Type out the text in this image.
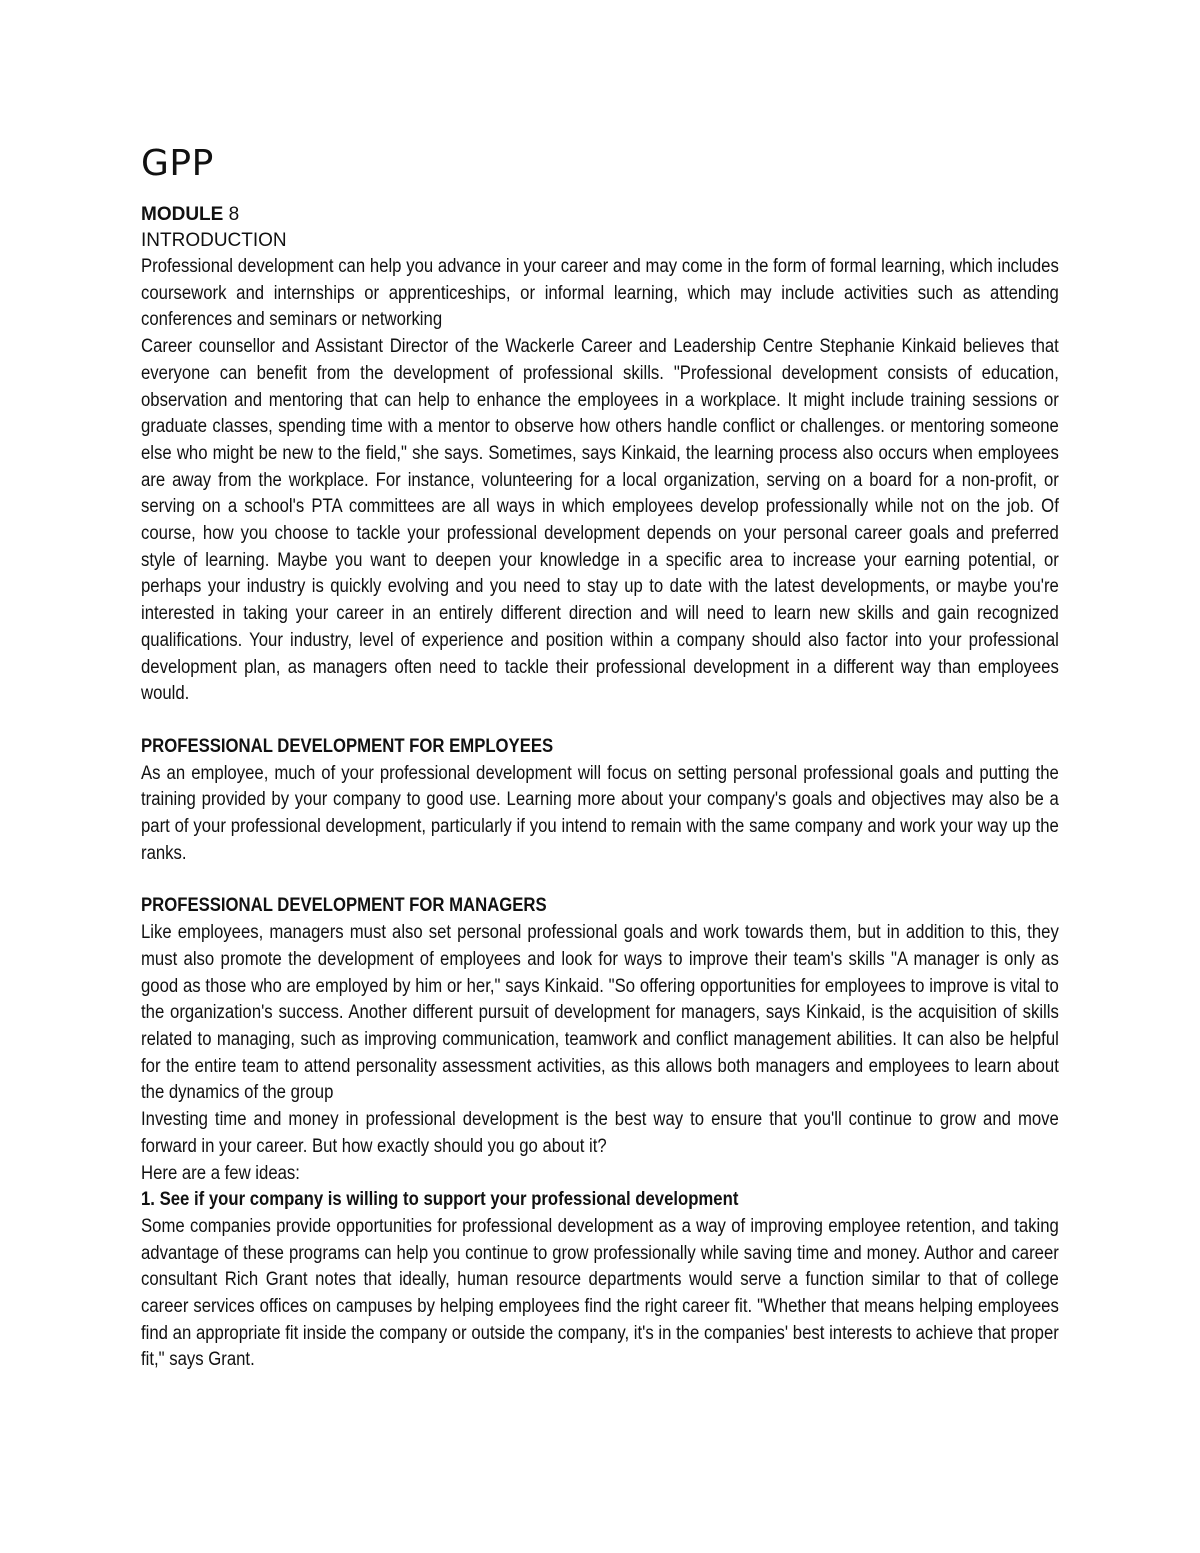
GPP

MODULE 8

INTRODUCTION

Professional development can help you advance in your career and may come in the form of formal learning, which includes coursework and internships or apprenticeships, or informal learning, which may include activities such as attending conferences and seminars or networking

Career counsellor and Assistant Director of the Wackerle Career and Leadership Centre Stephanie Kinkaid believes that everyone can benefit from the development of professional skills. "Professional development consists of education, observation and mentoring that can help to enhance the employees in a workplace. It might include training sessions or graduate classes, spending time with a mentor to observe how others handle conflict or challenges. or mentoring someone else who might be new to the field," she says. Sometimes, says Kinkaid, the learning process also occurs when employees are away from the workplace. For instance, volunteering for a local organization, serving on a board for a non-profit, or serving on a school's PTA committees are all ways in which employees develop professionally while not on the job. Of course, how you choose to tackle your professional development depends on your personal career goals and preferred style of learning. Maybe you want to deepen your knowledge in a specific area to increase your earning potential, or perhaps your industry is quickly evolving and you need to stay up to date with the latest developments, or maybe you're interested in taking your career in an entirely different direction and will need to learn new skills and gain recognized qualifications. Your industry, level of experience and position within a company should also factor into your professional development plan, as managers often need to tackle their professional development in a different way than employees would.

PROFESSIONAL DEVELOPMENT FOR EMPLOYEES

As an employee, much of your professional development will focus on setting personal professional goals and putting the training provided by your company to good use. Learning more about your company's goals and objectives may also be a part of your professional development, particularly if you intend to remain with the same company and work your way up the ranks.

PROFESSIONAL DEVELOPMENT FOR MANAGERS

Like employees, managers must also set personal professional goals and work towards them, but in addition to this, they must also promote the development of employees and look for ways to improve their team's skills "A manager is only as good as those who are employed by him or her," says Kinkaid. "So offering opportunities for employees to improve is vital to the organization's success. Another different pursuit of development for managers, says Kinkaid, is the acquisition of skills related to managing, such as improving communication, teamwork and conflict management abilities. It can also be helpful for the entire team to attend personality assessment activities, as this allows both managers and employees to learn about the dynamics of the group

Investing time and money in professional development is the best way to ensure that you'll continue to grow and move forward in your career. But how exactly should you go about it?

Here are a few ideas:

1. See if your company is willing to support your professional development

Some companies provide opportunities for professional development as a way of improving employee retention, and taking advantage of these programs can help you continue to grow professionally while saving time and money. Author and career consultant Rich Grant notes that ideally, human resource departments would serve a function similar to that of college career services offices on campuses by helping employees find the right career fit. "Whether that means helping employees find an appropriate fit inside the company or outside the company, it's in the companies' best interests to achieve that proper fit," says Grant.
